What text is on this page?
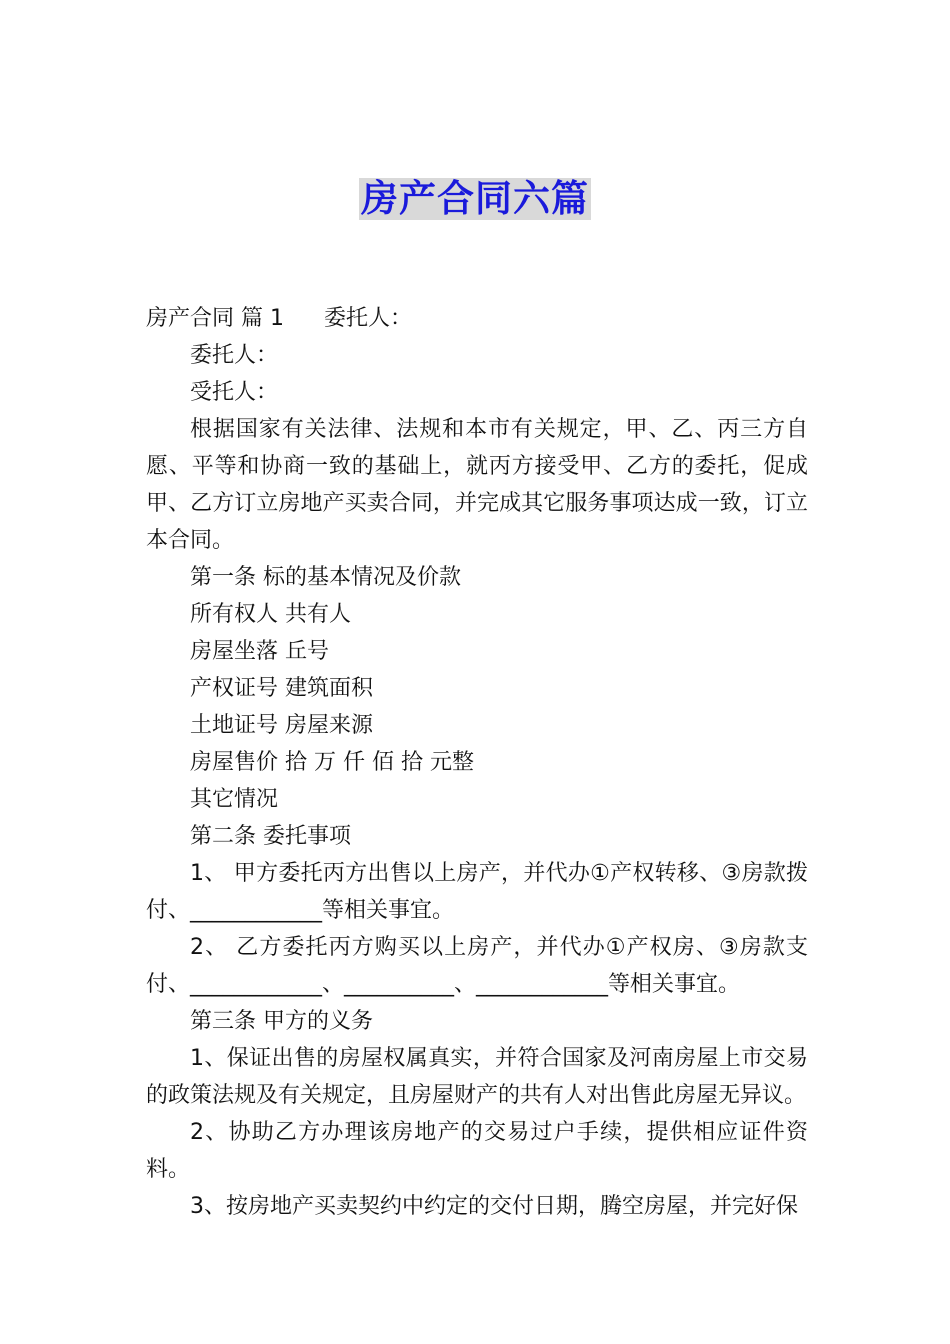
房产合同六篇

房产合同 篇 1 委托人：

委托人：

受托人：

根据国家有关法律、法规和本市有关规定，甲、乙、丙三方自愿、平等和协商一致的基础上，就丙方接受甲、乙方的委托，促成甲、乙方订立房地产买卖合同，并完成其它服务事项达成一致，订立本合同。

第一条 标的基本情况及价款

所有权人 共有人

房屋坐落 丘号

产权证号 建筑面积

土地证号 房屋来源

房屋售价 拾 万 仟 佰 拾 元整

其它情况

第二条 委托事项

1、 甲方委托丙方出售以上房产，并代办①产权转移、③房款拨付、____________等相关事宜。

2、 乙方委托丙方购买以上房产，并代办①产权房、③房款支付、____________、__________、____________等相关事宜。

第三条 甲方的义务

1、保证出售的房屋权属真实，并符合国家及河南房屋上市交易的政策法规及有关规定，且房屋财产的共有人对出售此房屋无异议。

2、协助乙方办理该房地产的交易过户手续，提供相应证件资料。

3、按房地产买卖契约中约定的交付日期，腾空房屋，并完好保
